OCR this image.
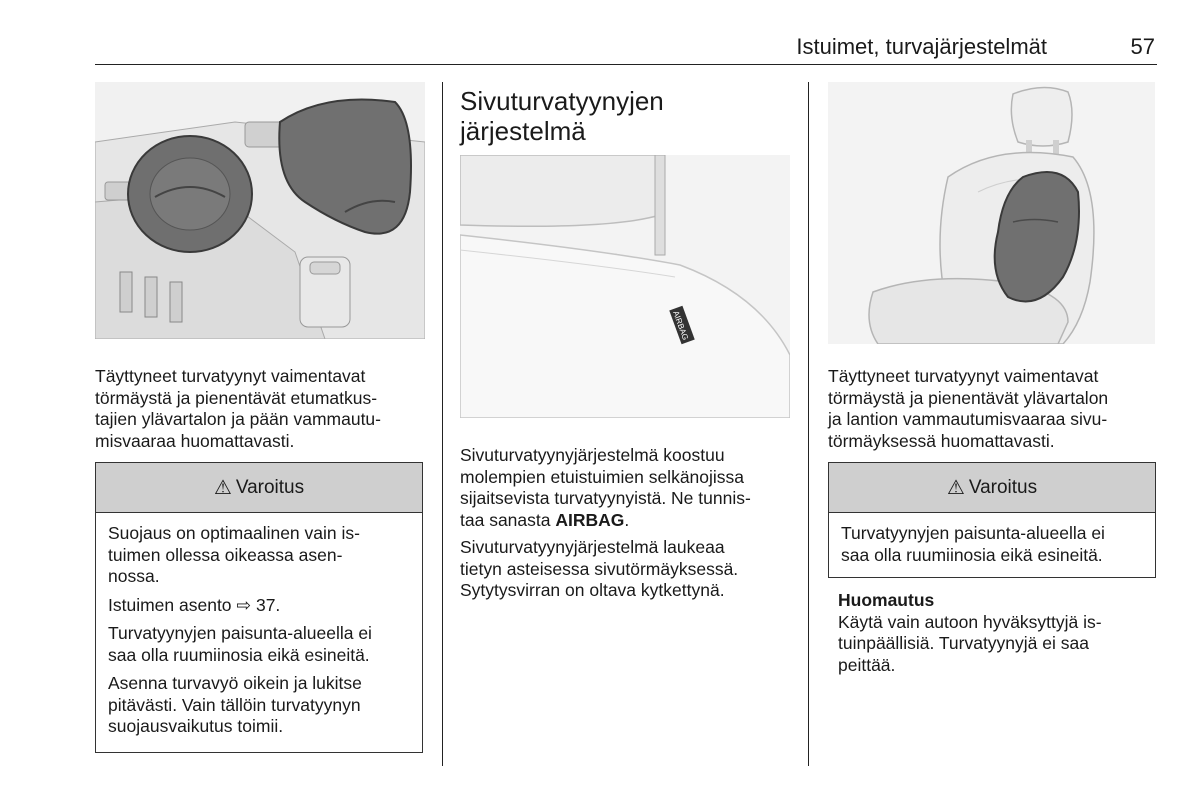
Istuimet, turvajärjestelmät	57
Täyttyneet turvatyynyt vaimentavat
törmäystä ja pienentävät etumatkus-
tajien ylävartalon ja pään vammautu-
misvaaraa huomattavasti.
⚠ Varoitus

Suojaus on optimaalinen vain is-
tuimen ollessa oikeassa asen-
nossa.

Istuimen asento ⇨ 37.

Turvatyynyjen paisunta-alueella ei
saa olla ruumiinosia eikä esineitä.

Asenna turvavyö oikein ja lukitse
pitävästi. Vain tällöin turvatyynyn
suojausvaikutus toimii.

Sivuturvatyynyjen
järjestelmä
AIRBAG

Sivuturvatyynyjärjestelmä koostuu
molempien etuistuimien selkänojissa
sijaitsevista turvatyynyistä. Ne tunnis-
taa sanasta AIRBAG.

Sivuturvatyynyjärjestelmä laukeaa
tietyn asteisessa sivutörmäyksessä.
Sytytysvirran on oltava kytkettynä.

Täyttyneet turvatyynyt vaimentavat
törmäystä ja pienentävät ylävartalon
ja lantion vammautumisvaaraa sivu-
törmäyksessä huomattavasti.
⚠ Varoitus

Turvatyynyjen paisunta-alueella ei
saa olla ruumiinosia eikä esineitä.

Huomautus
Käytä vain autoon hyväksyttyjä is-
tuinpäällisiä. Turvatyynyjä ei saa
peittää.
